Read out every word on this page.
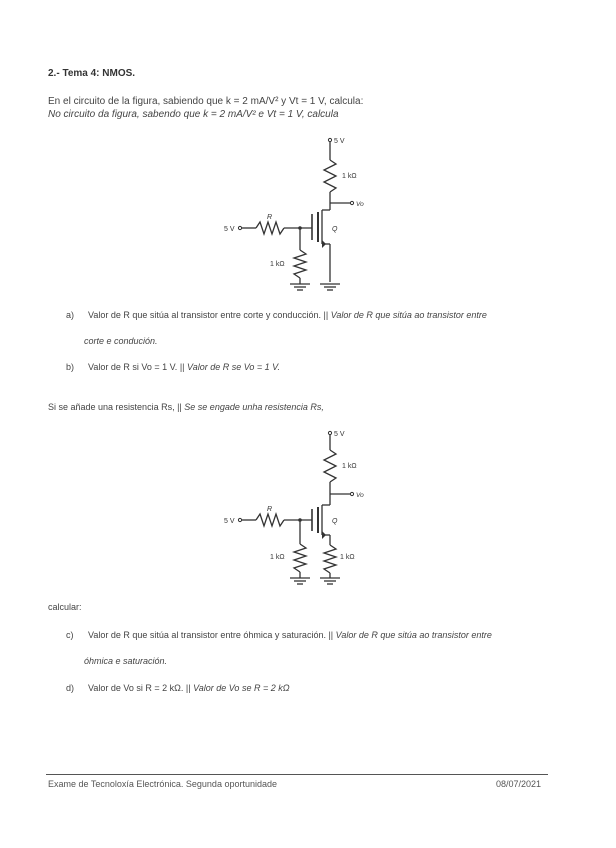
2.- Tema 4: NMOS.
En el circuito de la figura, sabiendo que k = 2 mA/V² y Vt = 1 V, calcula:
No circuito da figura, sabendo que k = 2 mA/V² e Vt = 1 V, calcula
5 V
1 kΩ
Vo
5 V
R
1 kΩ
Q
a) Valor de R que sitúa al transistor entre corte y conducción. || Valor de R que sitúa ao transistor entre
corte e condución.
b) Valor de R si Vo = 1 V. || Valor de R se Vo = 1 V.
Si se añade una resistencia Rs, || Se se engade unha resistencia Rs,
5 V
1 kΩ
Vo
5 V
R
1 kΩ	1 kΩ
Q
calcular:
c) Valor de R que sitúa al transistor entre óhmica y saturación. || Valor de R que sitúa ao transistor entre
óhmica e saturación.
d) Valor de Vo si R = 2 kΩ. || Valor de Vo se R = 2 kΩ
Exame de Tecnoloxía Electrónica. Segunda oportunidade	08/07/2021
